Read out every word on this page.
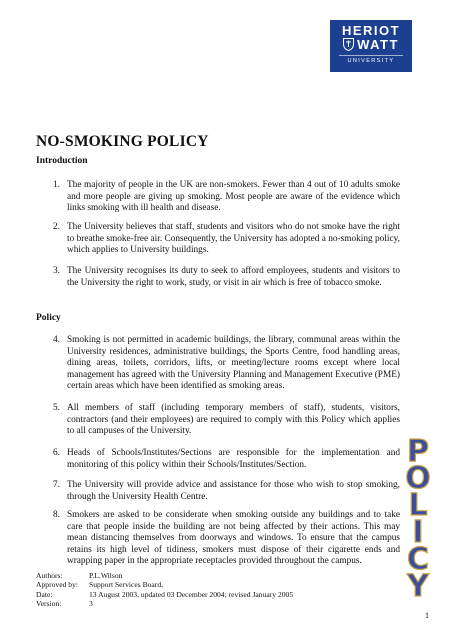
HERIOT
WATT
UNIVERSITY
NO-SMOKING POLICY
Introduction
1. The majority of people in the UK are non-smokers. Fewer than 4 out of 10 adults smoke and more people are giving up smoking. Most people are aware of the evidence which links smoking with ill health and disease.
2. The University believes that staff, students and visitors who do not smoke have the right to breathe smoke-free air. Consequently, the University has adopted a no-smoking policy, which applies to University buildings.
3. The University recognises its duty to seek to afford employees, students and visitors to the University the right to work, study, or visit in air which is free of tobacco smoke.
Policy
4. Smoking is not permitted in academic buildings, the library, communal areas within the University residences, administrative buildings, the Sports Centre, food handling areas, dining areas, toilets, corridors, lifts, or meeting/lecture rooms except where local management has agreed with the University Planning and Management Executive (PME) certain areas which have been identified as smoking areas.
5. All members of staff (including temporary members of staff), students, visitors, contractors (and their employees) are required to comply with this Policy which applies to all campuses of the University.
6. Heads of Schools/Institutes/Sections are responsible for the implementation and monitoring of this policy within their Schools/Institutes/Section.
7. The University will provide advice and assistance for those who wish to stop smoking, through the University Health Centre.
8. Smokers are asked to be considerate when smoking outside any buildings and to take care that people inside the building are not being affected by their actions. This may mean distancing themselves from doorways and windows. To ensure that the campus retains its high level of tidiness, smokers must dispose of their cigarette ends and wrapping paper in the appropriate receptacles provided throughout the campus.
Authors:	P.L.Wilson
Approved by:	Support Services Board,
Date:	13 August 2003, updated 03 December 2004; revised January 2005
Version:	3
P
O
L
I
C
Y
1
